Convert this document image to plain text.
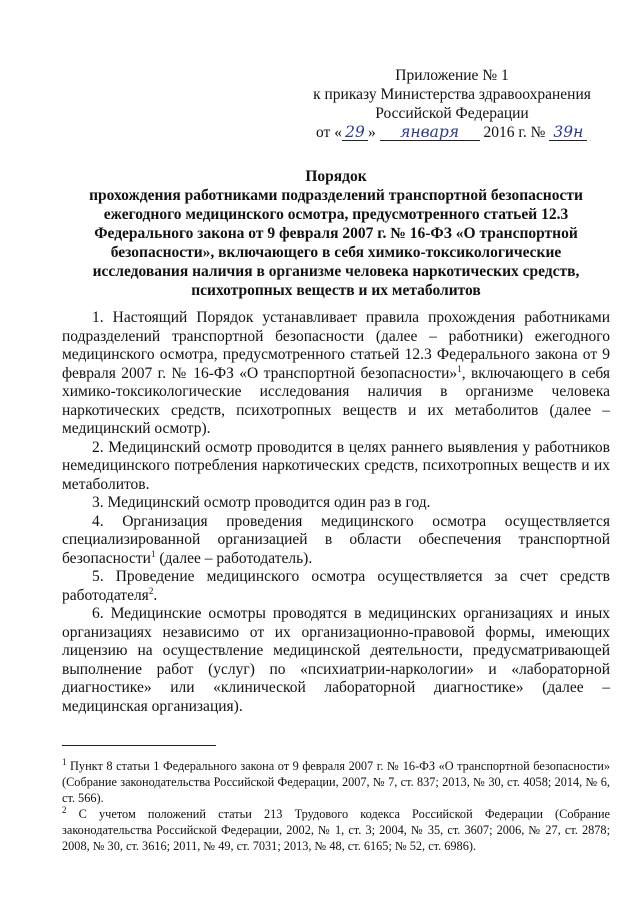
Приложение № 1
к приказу Министерства здравоохранения
Российской Федерации
от « 29 » января 2016 г. № 39н
Порядок
прохождения работниками подразделений транспортной безопасности ежегодного медицинского осмотра, предусмотренного статьей 12.3 Федерального закона от 9 февраля 2007 г. № 16-ФЗ «О транспортной безопасности», включающего в себя химико-токсикологические исследования наличия в организме человека наркотических средств, психотропных веществ и их метаболитов

1. Настоящий Порядок устанавливает правила прохождения работниками подразделений транспортной безопасности (далее – работники) ежегодного медицинского осмотра, предусмотренного статьей 12.3 Федерального закона от 9 февраля 2007 г. № 16-ФЗ «О транспортной безопасности»$^1$, включающего в себя химико-токсикологические исследования наличия в организме человека наркотических средств, психотропных веществ и их метаболитов (далее – медицинский осмотр).

2. Медицинский осмотр проводится в целях раннего выявления у работников немедицинского потребления наркотических средств, психотропных веществ и их метаболитов.

3. Медицинский осмотр проводится один раз в год.

4. Организация проведения медицинского осмотра осуществляется специализированной организацией в области обеспечения транспортной безопасности$^1$ (далее – работодатель).

5. Проведение медицинского осмотра осуществляется за счет средств работодателя$^2$.

6. Медицинские осмотры проводятся в медицинских организациях и иных организациях независимо от их организационно-правовой формы, имеющих лицензию на осуществление медицинской деятельности, предусматривающей выполнение работ (услуг) по «психиатрии-наркологии» и «лабораторной диагностике» или «клинической лабораторной диагностике» (далее – медицинская организация).

$^1$ Пункт 8 статьи 1 Федерального закона от 9 февраля 2007 г. № 16-ФЗ «О транспортной безопасности» (Собрание законодательства Российской Федерации, 2007, № 7, ст. 837; 2013, № 30, ст. 4058; 2014, № 6, ст. 566).

$^2$ С учетом положений статьи 213 Трудового кодекса Российской Федерации (Собрание законодательства Российской Федерации, 2002, № 1, ст. 3; 2004, № 35, ст. 3607; 2006, № 27, ст. 2878; 2008, № 30, ст. 3616; 2011, № 49, ст. 7031; 2013, № 48, ст. 6165; № 52, ст. 6986).
